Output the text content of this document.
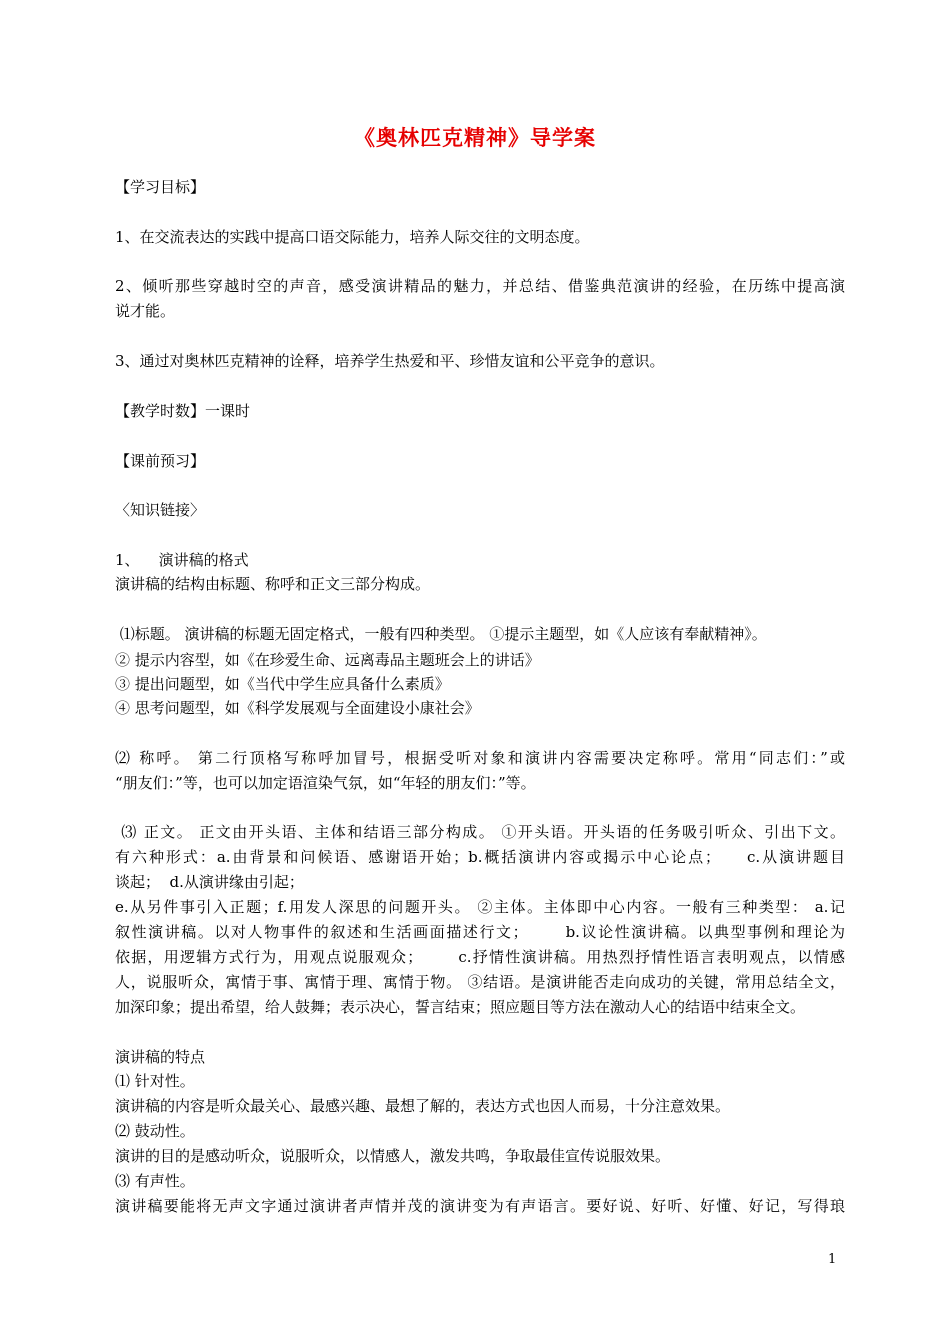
《奥林匹克精神》导学案
【学习目标】
1、在交流表达的实践中提高口语交际能力，培养人际交往的文明态度。
2、倾听那些穿越时空的声音，感受演讲精品的魅力，并总结、借鉴典范演讲的经验，在历练中提高演
说才能。
3、通过对奥林匹克精神的诠释，培养学生热爱和平、珍惜友谊和公平竞争的意识。
【教学时数】一课时
【课前预习】
〈知识链接〉
1、    演讲稿的格式
演讲稿的结构由标题、称呼和正文三部分构成。
⑴标题。 演讲稿的标题无固定格式，一般有四种类型。 ①提示主题型，如《人应该有奉献精神》。
② 提示内容型，如《在珍爱生命、远离毒品主题班会上的讲话》
③ 提出问题型，如《当代中学生应具备什么素质》
④ 思考问题型，如《科学发展观与全面建设小康社会》
⑵ 称呼。 第二行顶格写称呼加冒号，根据受听对象和演讲内容需要决定称呼。常用“同志们：”或
“朋友们：”等，也可以加定语渲染气氛，如“年轻的朋友们：”等。
⑶ 正文。 正文由开头语、主体和结语三部分构成。 ①开头语。开头语的任务吸引听众、引出下文。
有六种形式：a.由背景和问候语、感谢语开始；b.概括演讲内容或揭示中心论点；    c.从演讲题目
谈起；  d.从演讲缘由引起；
e.从另件事引入正题；f.用发人深思的问题开头。 ②主体。主体即中心内容。一般有三种类型： a.记
叙性演讲稿。以对人物事件的叙述和生活画面描述行文；      b.议论性演讲稿。以典型事例和理论为
依据，用逻辑方式行为，用观点说服观众；      c.抒情性演讲稿。用热烈抒情性语言表明观点，以情感
人，说服听众，寓情于事、寓情于理、寓情于物。 ③结语。是演讲能否走向成功的关键，常用总结全文，
加深印象；提出希望，给人鼓舞；表示决心，誓言结束；照应题目等方法在激动人心的结语中结束全文。
演讲稿的特点
⑴ 针对性。
演讲稿的内容是听众最关心、最感兴趣、最想了解的，表达方式也因人而易，十分注意效果。
⑵ 鼓动性。
演讲的目的是感动听众，说服听众，以情感人，激发共鸣，争取最佳宣传说服效果。
⑶ 有声性。
演讲稿要能将无声文字通过演讲者声情并茂的演讲变为有声语言。要好说、好听、好懂、好记，写得琅
1
